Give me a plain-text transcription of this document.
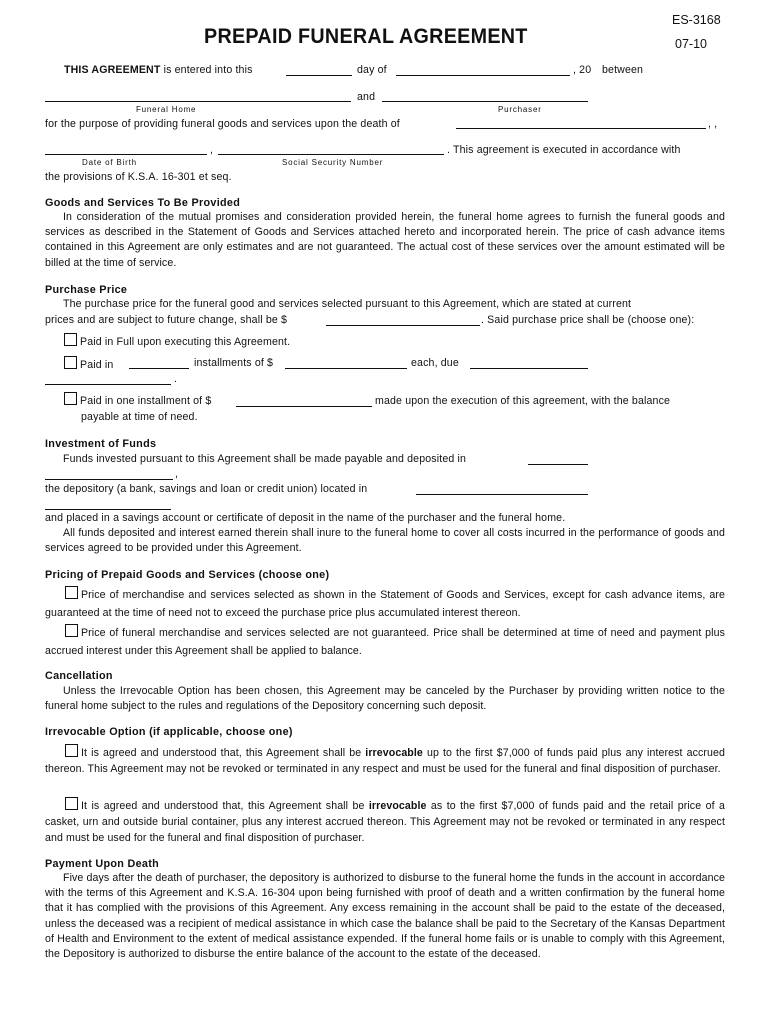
PREPAID FUNERAL AGREEMENT
ES-3168
07-10
THIS AGREEMENT is entered into this	day of	, 20 between
and
Funeral Home	Purchaser
for the purpose of providing funeral goods and services upon the death of	, ,
,	. This agreement is executed in accordance with
Date of Birth	Social Security Number
the provisions of K.S.A. 16-301 et seq.
Goods and Services To Be Provided
In consideration of the mutual promises and consideration provided herein, the funeral home agrees to furnish the funeral goods and services as described in the Statement of Goods and Services attached hereto and incorporated herein. The price of cash advance items contained in this Agreement are only estimates and are not guaranteed. The actual cost of these services over the amount estimated will be billed at the time of service.
Purchase Price
The purchase price for the funeral good and services selected pursuant to this Agreement, which are stated at current
prices and are subject to future change, shall be $	. Said purchase price shall be (choose one):
Paid in Full upon executing this Agreement.
Paid in	installments of $	each, due
.
Paid in one installment of $	made upon the execution of this agreement, with the balance
payable at time of need.
Investment of Funds
Funds invested pursuant to this Agreement shall be made payable and deposited in
,
the depository (a bank, savings and loan or credit union) located in
and placed in a savings account or certificate of deposit in the name of the purchaser and the funeral home.
All funds deposited and interest earned therein shall inure to the funeral home to cover all costs incurred in the performance of goods and services agreed to be provided under this Agreement.
Pricing of Prepaid Goods and Services (choose one)
Price of merchandise and services selected as shown in the Statement of Goods and Services, except for cash advance items, are guaranteed at the time of need not to exceed the purchase price plus accumulated interest thereon.
Price of funeral merchandise and services selected are not guaranteed. Price shall be determined at time of need and payment plus accrued interest under this Agreement shall be applied to balance.
Cancellation
Unless the Irrevocable Option has been chosen, this Agreement may be canceled by the Purchaser by providing written notice to the funeral home subject to the rules and regulations of the Depository concerning such deposit.
Irrevocable Option (if applicable, choose one)
It is agreed and understood that, this Agreement shall be irrevocable up to the first $7,000 of funds paid plus any interest accrued thereon. This Agreement may not be revoked or terminated in any respect and must be used for the funeral and final disposition of purchaser.
It is agreed and understood that, this Agreement shall be irrevocable as to the first $7,000 of funds paid and the retail price of a casket, urn and outside burial container, plus any interest accrued thereon. This Agreement may not be revoked or terminated in any respect and must be used for the funeral and final disposition of purchaser.
Payment Upon Death
Five days after the death of purchaser, the depository is authorized to disburse to the funeral home the funds in the account in accordance with the terms of this Agreement and K.S.A. 16-304 upon being furnished with proof of death and a written confirmation by the funeral home that it has complied with the provisions of this Agreement. Any excess remaining in the account shall be paid to the estate of the deceased, unless the deceased was a recipient of medical assistance in which case the balance shall be paid to the Secretary of the Kansas Department of Health and Environment to the extent of medical assistance expended. If the funeral home fails or is unable to comply with this Agreement, the Depository is authorized to disburse the entire balance of the account to the estate of the deceased.
